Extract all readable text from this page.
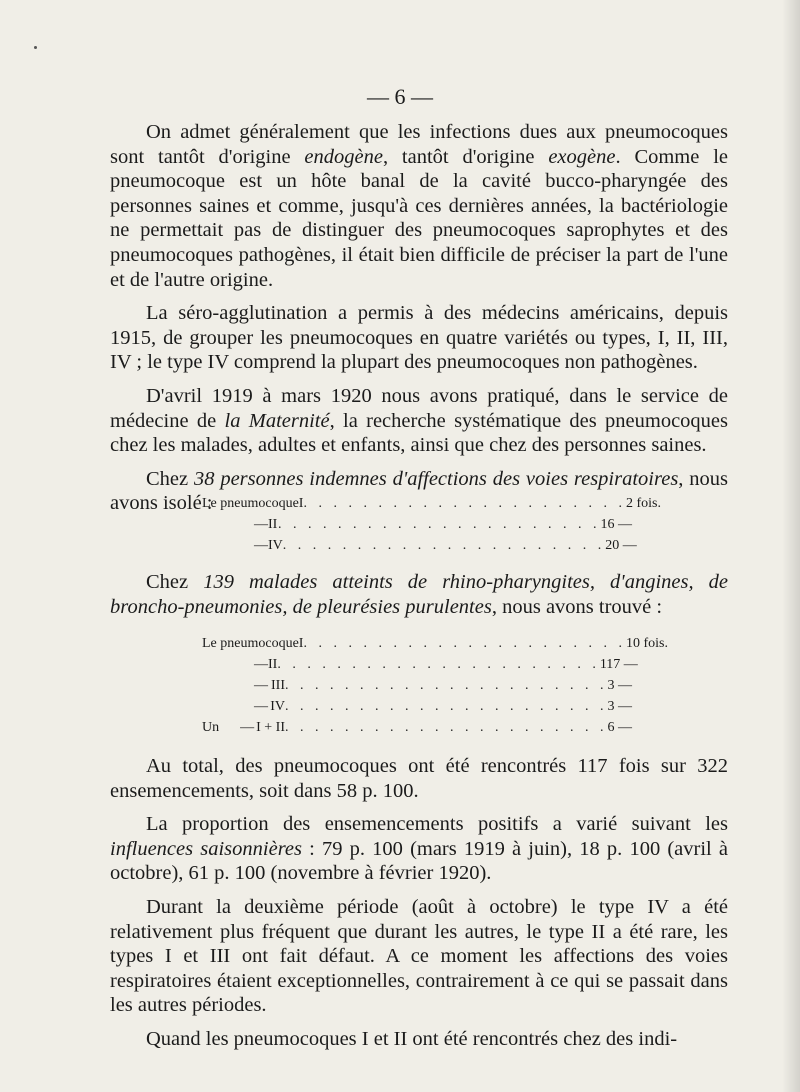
— 6 —

On admet généralement que les infections dues aux pneumocoques sont tantôt d'origine endogène, tantôt d'origine exogène. Comme le pneumocoque est un hôte banal de la cavité bucco-pharyngée des personnes saines et comme, jusqu'à ces dernières années, la bactériologie ne permettait pas de distinguer des pneumocoques saprophytes et des pneumocoques pathogènes, il était bien difficile de préciser la part de l'une et de l'autre origine.

La séro-agglutination a permis à des médecins américains, depuis 1915, de grouper les pneumocoques en quatre variétés ou types, I, II, III, IV ; le type IV comprend la plupart des pneumocoques non pathogènes.

D'avril 1919 à mars 1920 nous avons pratiqué, dans le service de médecine de la Maternité, la recherche systématique des pneumocoques chez les malades, adultes et enfants, ainsi que chez des personnes saines.

Chez 38 personnes indemnes d'affections des voies respiratoires, nous avons isolé :

Le pneumocoque I . . . . . . . . . . . . . . . . . . . . . . 2 fois.
— II . . . . . . . . . . . . . . . . . . . . . . 16 —
— IV . . . . . . . . . . . . . . . . . . . . . . 20 —

Chez 139 malades atteints de rhino-pharyngites, d'angines, de broncho-pneumonies, de pleurésies purulentes, nous avons trouvé :

Le pneumocoque I . . . . . . . . . . . . . . . . . . . . . . 10 fois.
— II . . . . . . . . . . . . . . . . . . . . . . 117 —
— III . . . . . . . . . . . . . . . . . . . . . . 3 —
— IV . . . . . . . . . . . . . . . . . . . . . . 3 —
Un      — I + II . . . . . . . . . . . . . . . . . . . . . . 6 —

Au total, des pneumocoques ont été rencontrés 117 fois sur 322 ensemencements, soit dans 58 p. 100.

La proportion des ensemencements positifs a varié suivant les influences saisonnières : 79 p. 100 (mars 1919 à juin), 18 p. 100 (avril à octobre), 61 p. 100 (novembre à février 1920).

Durant la deuxième période (août à octobre) le type IV a été relativement plus fréquent que durant les autres, le type II a été rare, les types I et III ont fait défaut. A ce moment les affections des voies respiratoires étaient exceptionnelles, contrairement à ce qui se passait dans les autres périodes.

Quand les pneumocoques I et II ont été rencontrés chez des indi-
